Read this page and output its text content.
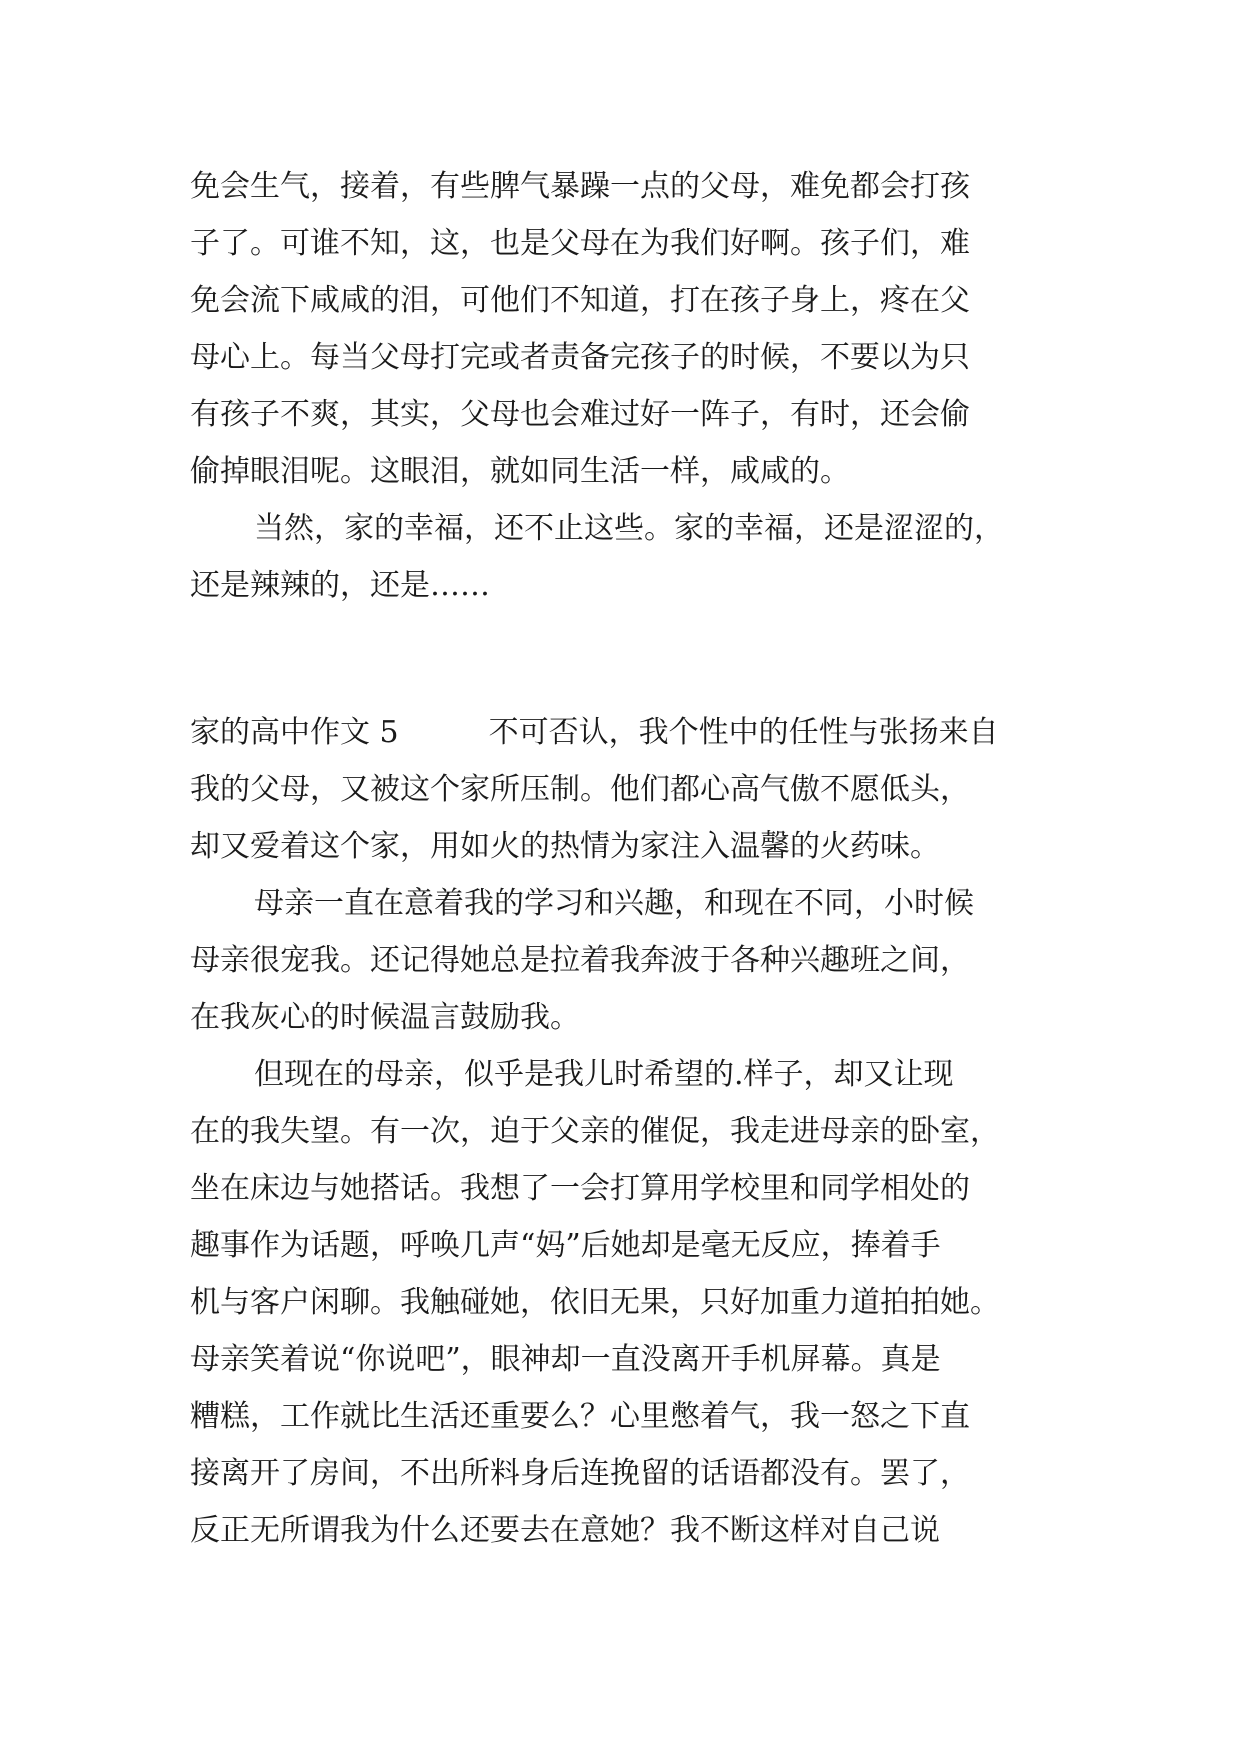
免会生气，接着，有些脾气暴躁一点的父母，难免都会打孩
子了。可谁不知，这，也是父母在为我们好啊。孩子们，难
免会流下咸咸的泪，可他们不知道，打在孩子身上，疼在父
母心上。每当父母打完或者责备完孩子的时候，不要以为只
有孩子不爽，其实，父母也会难过好一阵子，有时，还会偷
偷掉眼泪呢。这眼泪，就如同生活一样，咸咸的。
当然，家的幸福，还不止这些。家的幸福，还是涩涩的，
还是辣辣的，还是……
家的高中作文 5	不可否认，我个性中的任性与张扬来自
我的父母，又被这个家所压制。他们都心高气傲不愿低头，
却又爱着这个家，用如火的热情为家注入温馨的火药味。
母亲一直在意着我的学习和兴趣，和现在不同，小时候
母亲很宠我。还记得她总是拉着我奔波于各种兴趣班之间，
在我灰心的时候温言鼓励我。
但现在的母亲，似乎是我儿时希望的.样子，却又让现
在的我失望。有一次，迫于父亲的催促，我走进母亲的卧室，
坐在床边与她搭话。我想了一会打算用学校里和同学相处的
趣事作为话题，呼唤几声“妈”后她却是毫无反应，捧着手
机与客户闲聊。我触碰她，依旧无果，只好加重力道拍拍她。
母亲笑着说“你说吧”，眼神却一直没离开手机屏幕。真是
糟糕，工作就比生活还重要么？心里憋着气，我一怒之下直
接离开了房间，不出所料身后连挽留的话语都没有。罢了，
反正无所谓我为什么还要去在意她？我不断这样对自己说
